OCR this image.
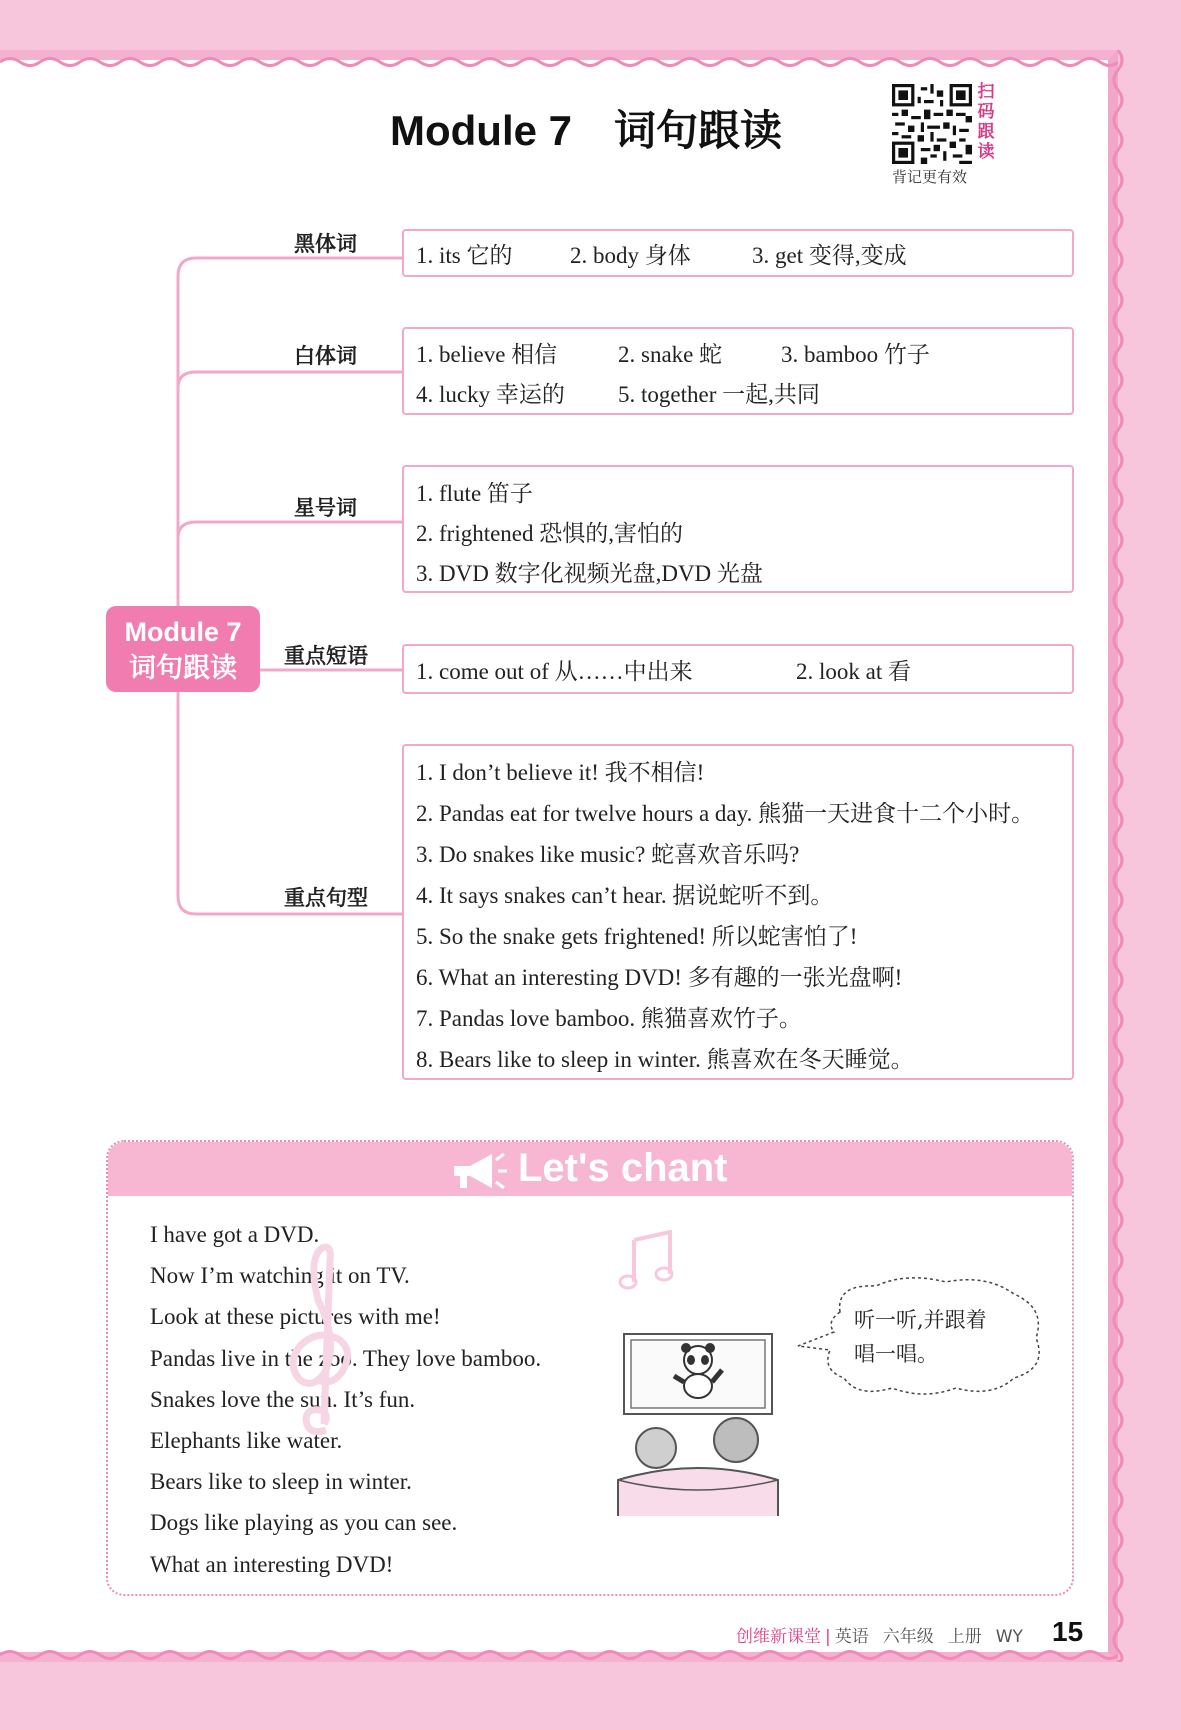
Module 7 词句跟读
扫
码
跟
读
背记更有效
Module 7
词句跟读
黑体词
白体词
星号词
重点短语
重点句型
1. its 它的	2. body 身体	3. get 变得,变成
1. believe 相信	2. snake 蛇	3. bamboo 竹子
4. lucky 幸运的	5. together 一起,共同
1. flute 笛子
2. frightened 恐惧的,害怕的
3. DVD 数字化视频光盘,DVD 光盘
1. come out of 从……中出来	2. look at 看
1. I don’t believe it! 我不相信!
2. Pandas eat for twelve hours a day. 熊猫一天进食十二个小时。
3. Do snakes like music? 蛇喜欢音乐吗?
4. It says snakes can’t hear. 据说蛇听不到。
5. So the snake gets frightened! 所以蛇害怕了!
6. What an interesting DVD! 多有趣的一张光盘啊!
7. Pandas love bamboo. 熊猫喜欢竹子。
8. Bears like to sleep in winter. 熊喜欢在冬天睡觉。
Let's chant
I have got a DVD.
Now I’m watching it on TV.
Look at these pictures with me!
Pandas live in the zoo. They love bamboo.
Snakes love the sun. It’s fun.
Elephants like water.
Bears like to sleep in winter.
Dogs like playing as you can see.
What an interesting DVD!
听一听,并跟着
唱一唱。
创维新课堂 | 英语 六年级 上册 WY 15
